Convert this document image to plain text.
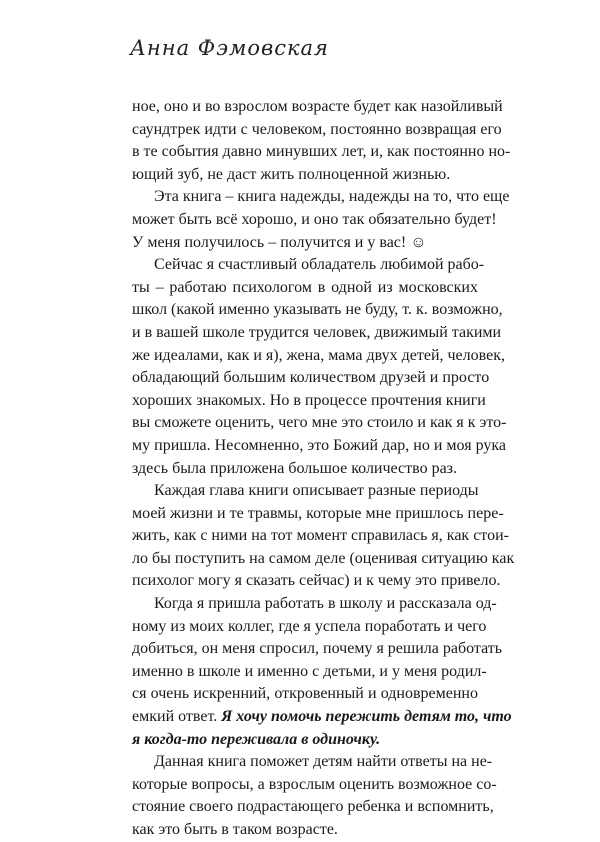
Анна Фэмовская
ное, оно и во взрослом возрасте будет как назойливый
саундтрек идти с человеком, постоянно возвращая его
в те события давно минувших лет, и, как постоянно но-
ющий зуб, не даст жить полноценной жизнью.
Эта книга – книга надежды, надежды на то, что еще
может быть всё хорошо, и оно так обязательно будет!
У меня получилось – получится и у вас! ☺
Сейчас я счастливый обладатель любимой рабо-
ты – работаю психологом в одной из московских
школ (какой именно указывать не буду, т. к. возможно,
и в вашей школе трудится человек, движимый такими
же идеалами, как и я), жена, мама двух детей, человек,
обладающий большим количеством друзей и просто
хороших знакомых. Но в процессе прочтения книги
вы сможете оценить, чего мне это стоило и как я к это-
му пришла. Несомненно, это Божий дар, но и моя рука
здесь была приложена большое количество раз.
Каждая глава книги описывает разные периоды
моей жизни и те травмы, которые мне пришлось пере-
жить, как с ними на тот момент справилась я, как стои-
ло бы поступить на самом деле (оценивая ситуацию как
психолог могу я сказать сейчас) и к чему это привело.
Когда я пришла работать в школу и рассказала од-
ному из моих коллег, где я успела поработать и чего
добиться, он меня спросил, почему я решила работать
именно в школе и именно с детьми, и у меня родил-
ся очень искренний, откровенный и одновременно
емкий ответ. Я хочу помочь пережить детям то, что
я когда-то переживала в одиночку.
Данная книга поможет детям найти ответы на не-
которые вопросы, а взрослым оценить возможное со-
стояние своего подрастающего ребенка и вспомнить,
как это быть в таком возрасте.
